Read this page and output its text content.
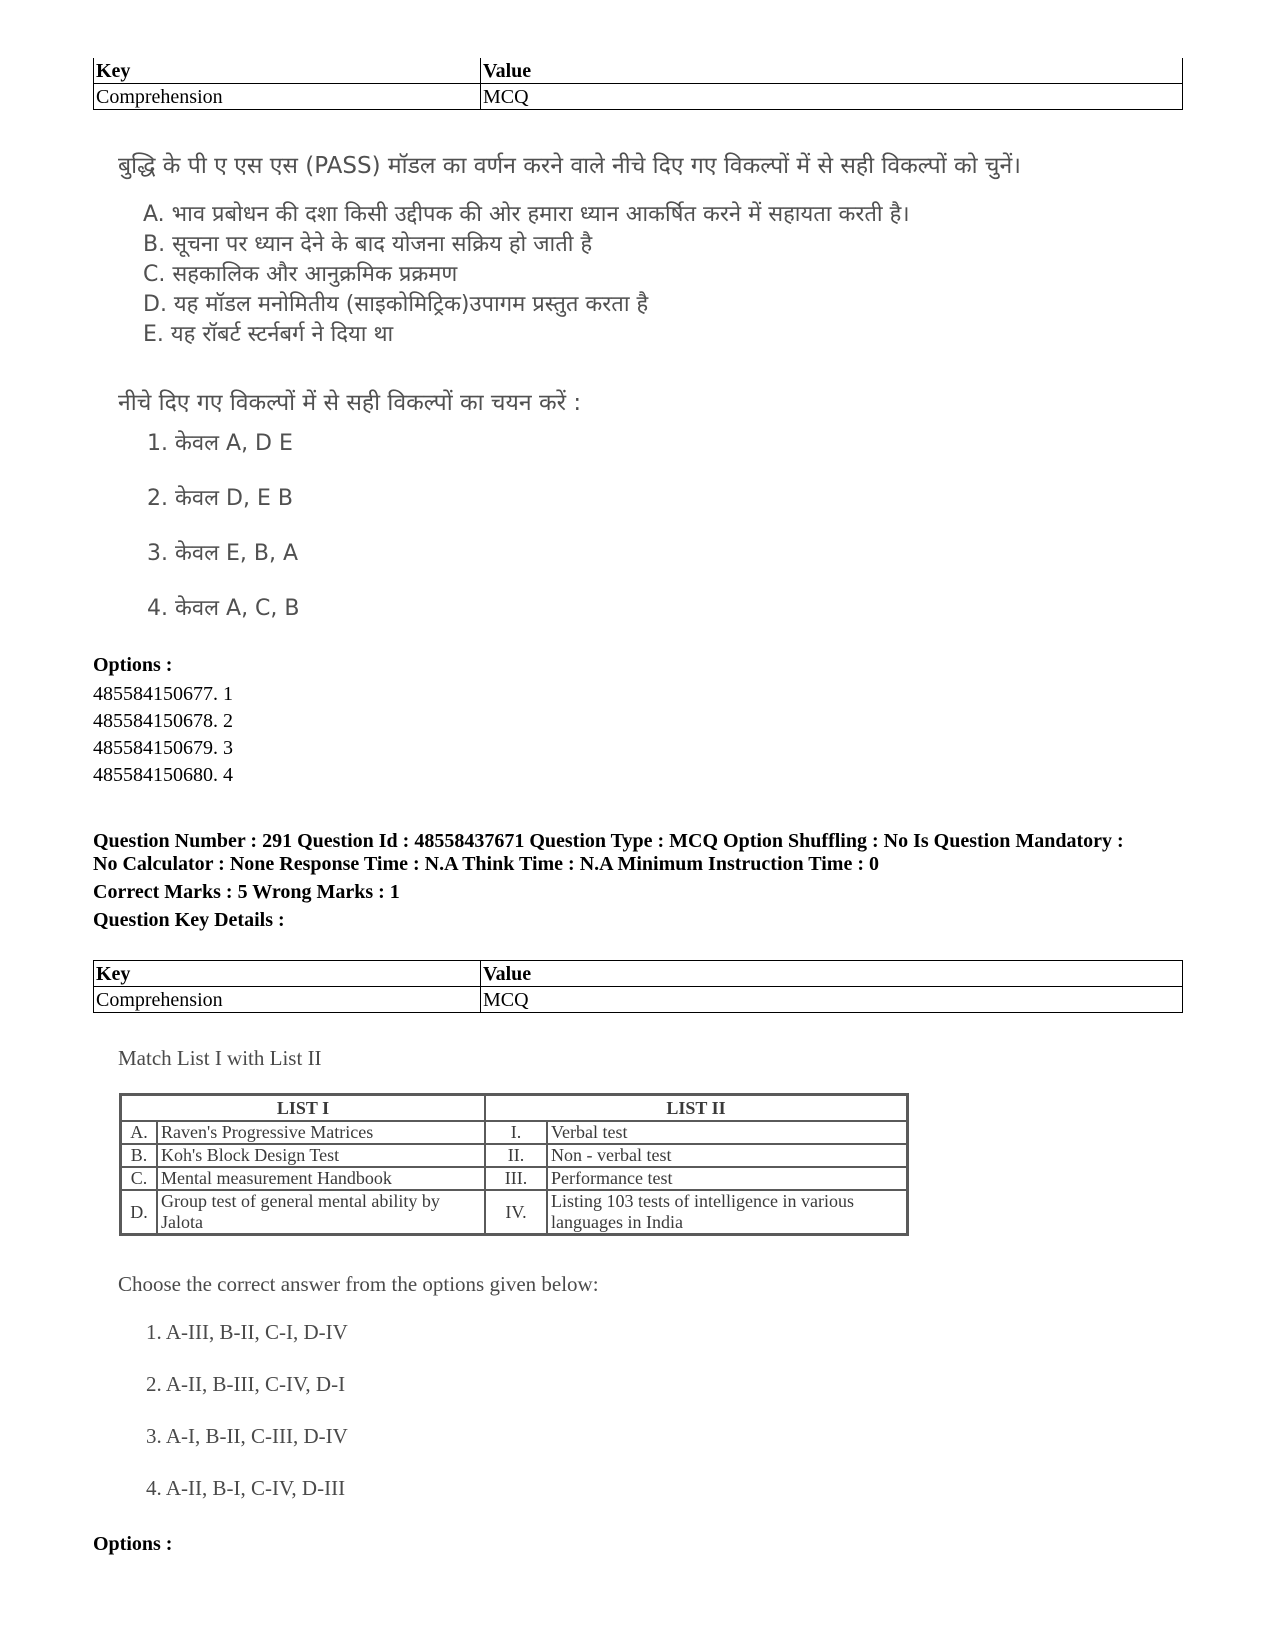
Key	Value
Comprehension	MCQ
बुद्धि के पी ए एस एस (PASS) मॉडल का वर्णन करने वाले नीचे दिए गए विकल्पों में से सही विकल्पों को चुनें।
A. भाव प्रबोधन की दशा किसी उद्दीपक की ओर हमारा ध्यान आकर्षित करने में सहायता करती है।
B. सूचना पर ध्यान देने के बाद योजना सक्रिय हो जाती है
C. सहकालिक और आनुक्रमिक प्रक्रमण
D. यह मॉडल मनोमितीय (साइकोमिट्रिक)उपागम प्रस्तुत करता है
E. यह रॉबर्ट स्टर्नबर्ग ने दिया था
नीचे दिए गए विकल्पों में से सही विकल्पों का चयन करें :
1. केवल A, D E
2. केवल D, E B
3. केवल E, B, A
4. केवल A, C, B
Options :
485584150677. 1
485584150678. 2
485584150679. 3
485584150680. 4
Question Number : 291 Question Id : 48558437671 Question Type : MCQ Option Shuffling : No Is Question Mandatory :
No Calculator : None Response Time : N.A Think Time : N.A Minimum Instruction Time : 0
Correct Marks : 5 Wrong Marks : 1
Question Key Details :
Key	Value
Comprehension	MCQ
Match List I with List II
LIST I		LIST II	
A.	Raven's Progressive Matrices	I.	Verbal test
B.	Koh's Block Design Test	II.	Non - verbal test
C.	Mental measurement Handbook	III.	Performance test
D.	Group test of general mental ability by Jalota	IV.	Listing 103 tests of intelligence in various languages in India
Choose the correct answer from the options given below:
1. A-III, B-II, C-I, D-IV
2. A-II, B-III, C-IV, D-I
3. A-I, B-II, C-III, D-IV
4. A-II, B-I, C-IV, D-III
Options :
